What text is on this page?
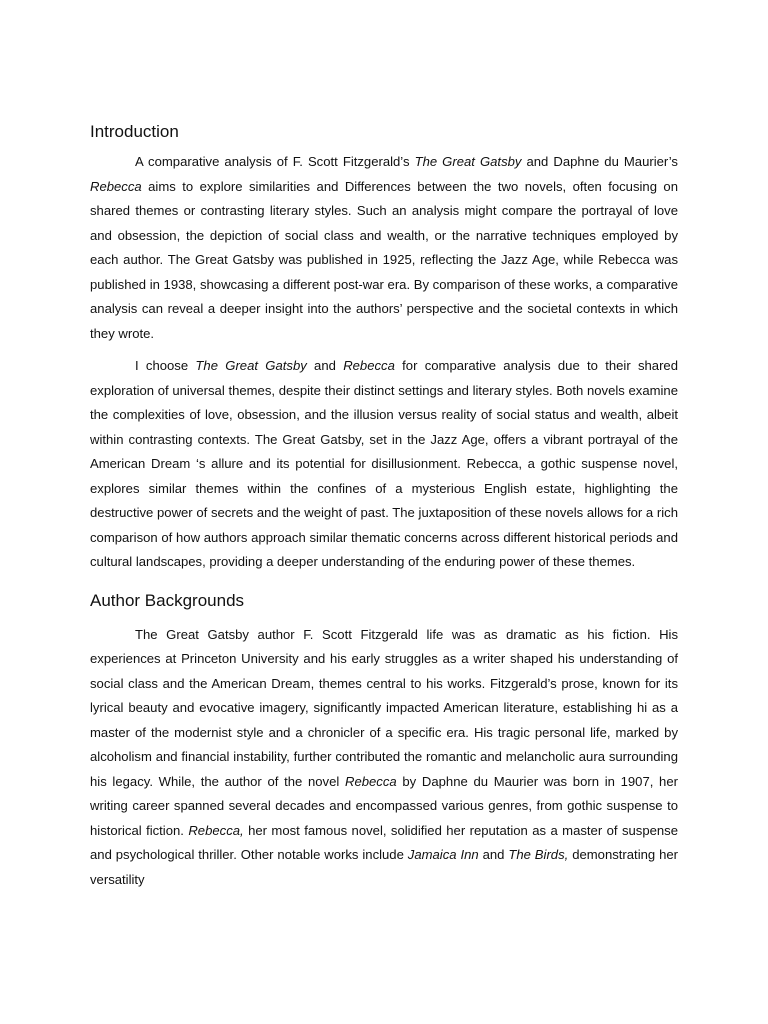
Introduction

A comparative analysis of F. Scott Fitzgerald’s The Great Gatsby and Daphne du Maurier’s Rebecca aims to explore similarities and Differences between the two novels, often focusing on shared themes or contrasting literary styles. Such an analysis might compare the portrayal of love and obsession, the depiction of social class and wealth, or the narrative techniques employed by each author. The Great Gatsby was published in 1925, reflecting the Jazz Age, while Rebecca was published in 1938, showcasing a different post-war era. By comparison of these works, a comparative analysis can reveal a deeper insight into the authors’ perspective and the societal contexts in which they wrote.

I choose The Great Gatsby and Rebecca for comparative analysis due to their shared exploration of universal themes, despite their distinct settings and literary styles. Both novels examine the complexities of love, obsession, and the illusion versus reality of social status and wealth, albeit within contrasting contexts. The Great Gatsby, set in the Jazz Age, offers a vibrant portrayal of the American Dream ‘s allure and its potential for disillusionment. Rebecca, a gothic suspense novel, explores similar themes within the confines of a mysterious English estate, highlighting the destructive power of secrets and the weight of past. The juxtaposition of these novels allows for a rich comparison of how authors approach similar thematic concerns across different historical periods and cultural landscapes, providing a deeper understanding of the enduring power of these themes.

Author Backgrounds

The Great Gatsby author F. Scott Fitzgerald life was as dramatic as his fiction. His experiences at Princeton University and his early struggles as a writer shaped his understanding of social class and the American Dream, themes central to his works. Fitzgerald’s prose, known for its lyrical beauty and evocative imagery, significantly impacted American literature, establishing hi as a master of the modernist style and a chronicler of a specific era. His tragic personal life, marked by alcoholism and financial instability, further contributed the romantic and melancholic aura surrounding his legacy. While, the author of the novel Rebecca by Daphne du Maurier was born in 1907, her writing career spanned several decades and encompassed various genres, from gothic suspense to historical fiction. Rebecca, her most famous novel, solidified her reputation as a master of suspense and psychological thriller. Other notable works include Jamaica Inn and The Birds, demonstrating her versatility
